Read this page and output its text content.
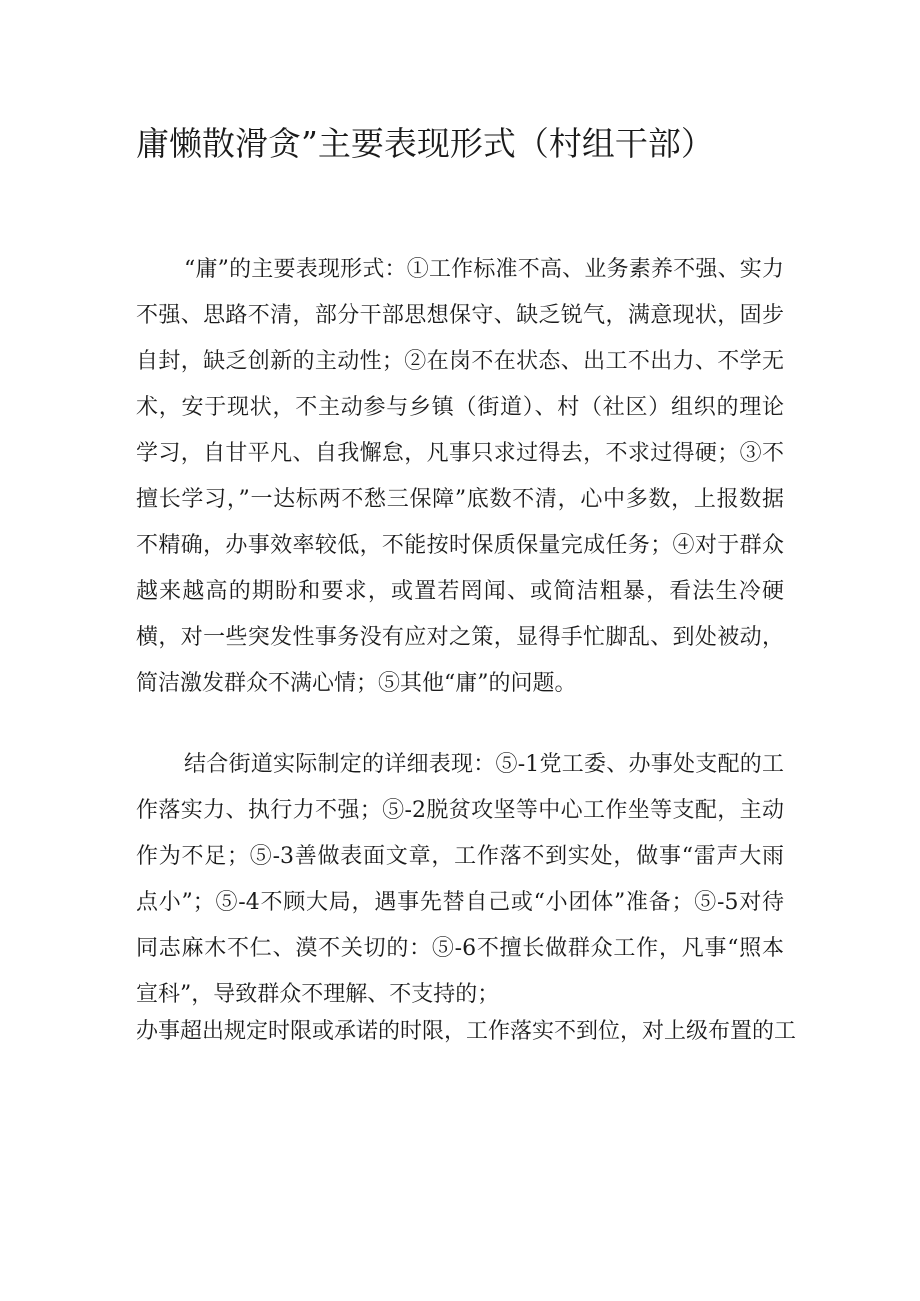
庸懒散滑贪”主要表现形式（村组干部）

“庸”的主要表现形式：①工作标准不高、业务素养不强、实力不强、思路不清，部分干部思想保守、缺乏锐气，满意现状，固步自封，缺乏创新的主动性；②在岗不在状态、出工不出力、不学无术，安于现状，不主动参与乡镇（街道）、村（社区）组织的理论学习，自甘平凡、自我懈怠，凡事只求过得去，不求过得硬；③不擅长学习，”一达标两不愁三保障”底数不清，心中多数，上报数据不精确，办事效率较低，不能按时保质保量完成任务；④对于群众越来越高的期盼和要求，或置若罔闻、或简洁粗暴，看法生冷硬横，对一些突发性事务没有应对之策，显得手忙脚乱、到处被动，简洁激发群众不满心情；⑤其他“庸”的问题。

结合街道实际制定的详细表现：⑤-1党工委、办事处支配的工作落实力、执行力不强；⑤-2脱贫攻坚等中心工作坐等支配，主动作为不足；⑤-3善做表面文章，工作落不到实处，做事“雷声大雨点小”；⑤-4不顾大局，遇事先替自己或“小团体”准备；⑤-5对待同志麻木不仁、漠不关切的：⑤-6不擅长做群众工作，凡事“照本宣科”，导致群众不理解、不支持的；

办事超出规定时限或承诺的时限，工作落实不到位，对上级布置的工
